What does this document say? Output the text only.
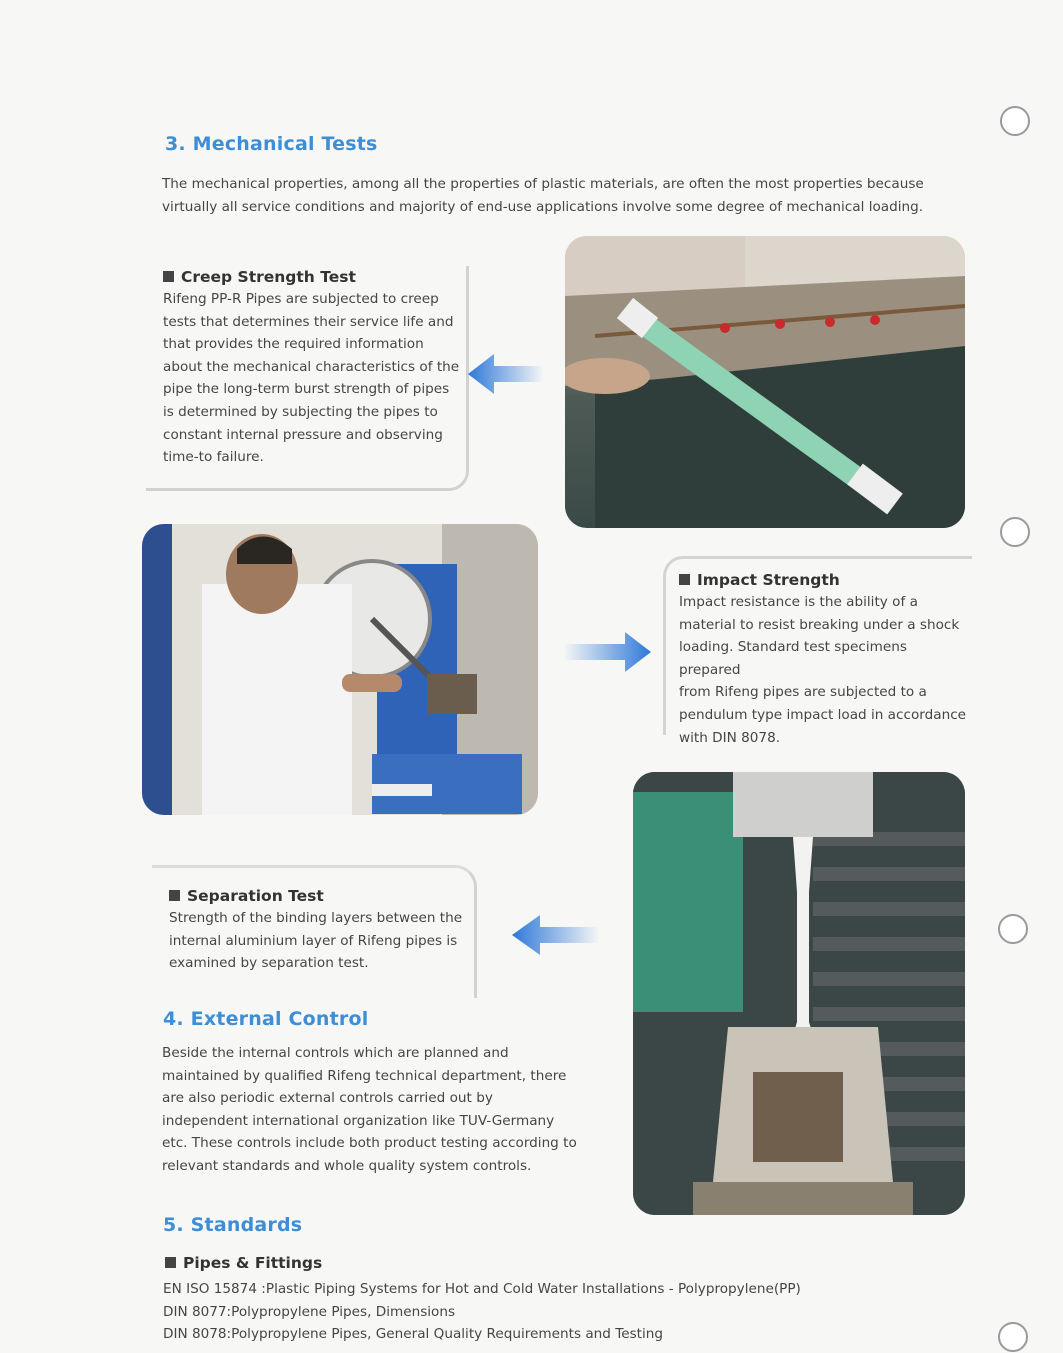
3. Mechanical Tests
The mechanical properties, among all the properties of plastic materials, are often the most properties because
virtually all service conditions and majority of end-use applications involve some degree of mechanical loading.
Creep Strength Test
Rifeng PP-R Pipes are subjected to creep
tests that determines their service life and
that provides the required information
about the mechanical characteristics of the
pipe the long-term burst strength of pipes
is determined by subjecting the pipes to
constant internal pressure and observing
time-to failure.
Impact Strength
Impact resistance is the ability of a
material to resist breaking under a shock
loading. Standard test specimens prepared
from Rifeng pipes are subjected to a
pendulum type impact load in accordance
with DIN 8078.
Separation Test
Strength of the binding layers between the
internal aluminium layer of Rifeng pipes is
examined by separation test.
4. External Control
Beside the internal controls which are planned and
maintained by qualified Rifeng technical department, there
are also periodic external controls carried out by
independent international organization like TUV-Germany
etc. These controls include both product testing according to
relevant standards and whole quality system controls.
5. Standards
Pipes & Fittings
EN ISO 15874 :Plastic Piping Systems for Hot and Cold Water Installations - Polypropylene(PP)
DIN 8077:Polypropylene Pipes, Dimensions
DIN 8078:Polypropylene Pipes, General Quality Requirements and Testing
